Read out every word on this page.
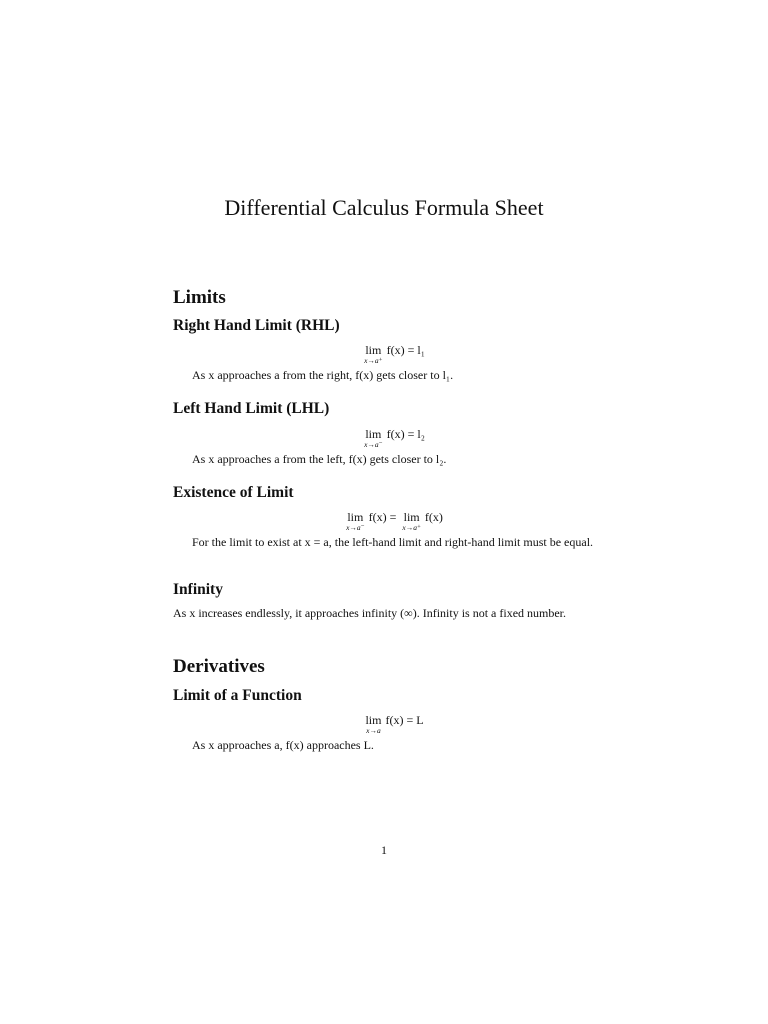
Differential Calculus Formula Sheet
Limits
Right Hand Limit (RHL)
lim
x→a⁺
f(x) = l₁
As x approaches a from the right, f(x) gets closer to l₁.
Left Hand Limit (LHL)
lim
x→a⁻
f(x) = l₂
As x approaches a from the left, f(x) gets closer to l₂.
Existence of Limit
lim
x→a⁻
f(x) = lim
x→a⁺
f(x)
For the limit to exist at x = a, the left-hand limit and right-hand limit must be equal.
Infinity
As x increases endlessly, it approaches infinity (∞). Infinity is not a fixed number.
Derivatives
Limit of a Function
lim
x→a
f(x) = L
As x approaches a, f(x) approaches L.
1
